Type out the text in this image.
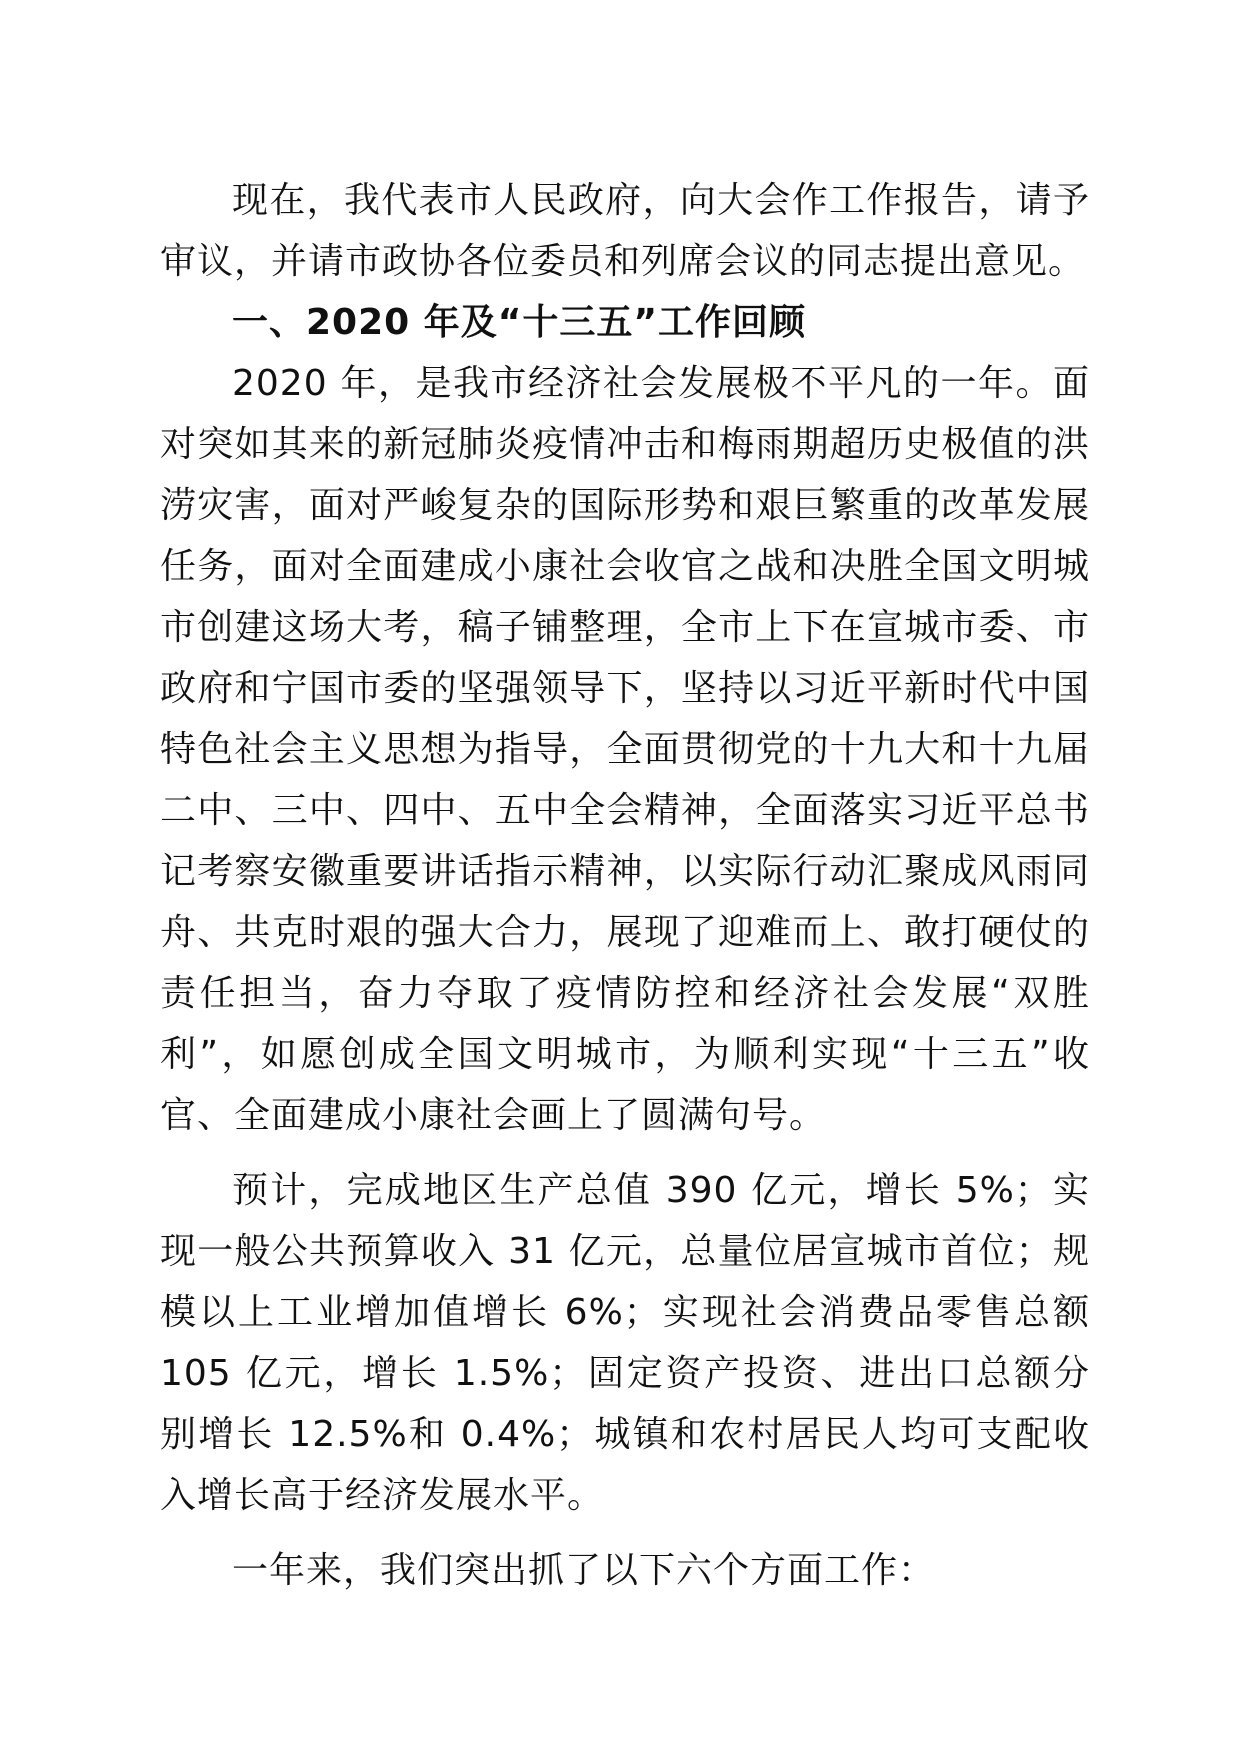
现在，我代表市人民政府，向大会作工作报告，请予审议，并请市政协各位委员和列席会议的同志提出意见。

一、2020 年及“十三五”工作回顾

2020 年，是我市经济社会发展极不平凡的一年。面对突如其来的新冠肺炎疫情冲击和梅雨期超历史极值的洪涝灾害，面对严峻复杂的国际形势和艰巨繁重的改革发展任务，面对全面建成小康社会收官之战和决胜全国文明城市创建这场大考，稿子铺整理，全市上下在宣城市委、市政府和宁国市委的坚强领导下，坚持以习近平新时代中国特色社会主义思想为指导，全面贯彻党的十九大和十九届二中、三中、四中、五中全会精神，全面落实习近平总书记考察安徽重要讲话指示精神，以实际行动汇聚成风雨同舟、共克时艰的强大合力，展现了迎难而上、敢打硬仗的责任担当，奋力夺取了疫情防控和经济社会发展“双胜利”，如愿创成全国文明城市，为顺利实现“十三五”收官、全面建成小康社会画上了圆满句号。

预计，完成地区生产总值 390 亿元，增长 5%；实现一般公共预算收入 31 亿元，总量位居宣城市首位；规模以上工业增加值增长 6%；实现社会消费品零售总额 105 亿元，增长 1.5%；固定资产投资、进出口总额分别增长 12.5%和 0.4%；城镇和农村居民人均可支配收入增长高于经济发展水平。

一年来，我们突出抓了以下六个方面工作：
